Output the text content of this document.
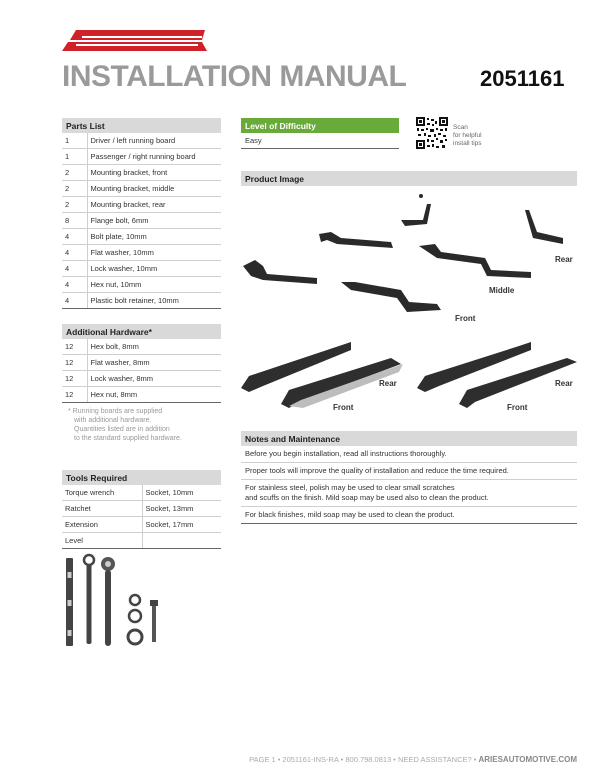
INSTALLATION MANUAL	2051161
Parts List
1	Driver / left running board
1	Passenger / right running board
2	Mounting bracket, front
2	Mounting bracket, middle
2	Mounting bracket, rear
8	Flange bolt, 6mm
4	Bolt plate, 10mm
4	Flat washer, 10mm
4	Lock washer, 10mm
4	Hex nut, 10mm
4	Plastic bolt retainer, 10mm
Additional Hardware*
12	Hex bolt, 8mm
12	Flat washer, 8mm
12	Lock washer, 8mm
12	Hex nut, 8mm
* Running boards are supplied
with additional hardware.
Quantities listed are in addition
to the standard supplied hardware.
Tools Required
Torque wrench	Socket, 10mm
Ratchet	Socket, 13mm
Extension	Socket, 17mm
Level	
Level of Difficulty
Easy
Scan
for helpful
install tips
Product Image
Rear
Middle
Front
Rear
Front
Rear
Front
Notes and Maintenance
Before you begin installation, read all instructions thoroughly.
Proper tools will improve the quality of installation and reduce the time required.
For stainless steel, polish may be used to clear small scratches
and scuffs on the finish. Mild soap may be used also to clean the product.
For black finishes, mild soap may be used to clean the product.
PAGE 1 • 2051161-INS-RA • 800.798.0813 • NEED ASSISTANCE? • ARIESAUTOMOTIVE.COM
